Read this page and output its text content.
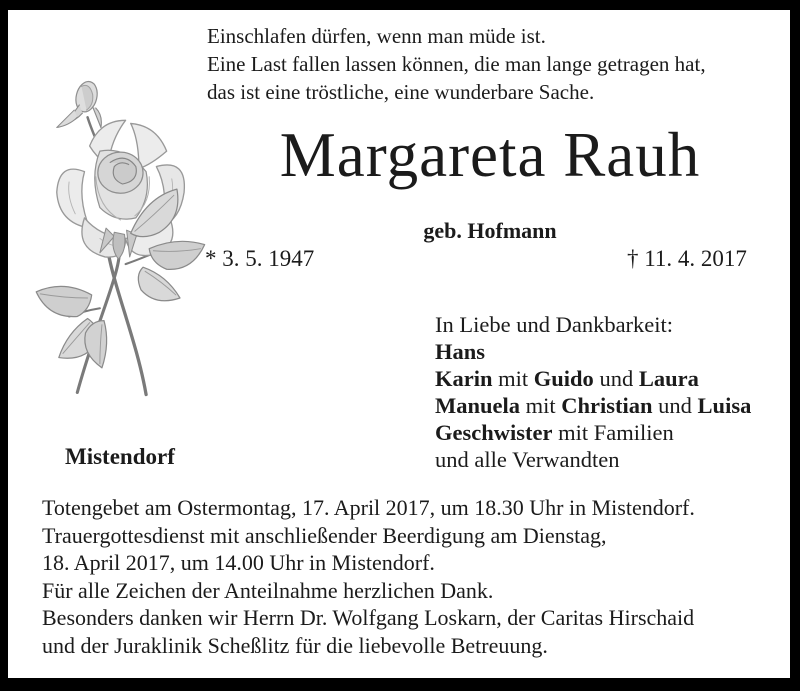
Einschlafen dürfen, wenn man müde ist.
Eine Last fallen lassen können, die man lange getragen hat,
das ist eine tröstliche, eine wunderbare Sache.
Margareta Rauh
geb. Hofmann
* 3. 5. 1947	† 11. 4. 2017
In Liebe und Dankbarkeit:
Hans
Karin mit Guido und Laura
Manuela mit Christian und Luisa
Geschwister mit Familien
und alle Verwandten
Mistendorf
Totengebet am Ostermontag, 17. April 2017, um 18.30 Uhr in Mistendorf.
Trauergottesdienst mit anschließender Beerdigung am Dienstag,
18. April 2017, um 14.00 Uhr in Mistendorf.
Für alle Zeichen der Anteilnahme herzlichen Dank.
Besonders danken wir Herrn Dr. Wolfgang Loskarn, der Caritas Hirschaid
und der Juraklinik Scheßlitz für die liebevolle Betreuung.
